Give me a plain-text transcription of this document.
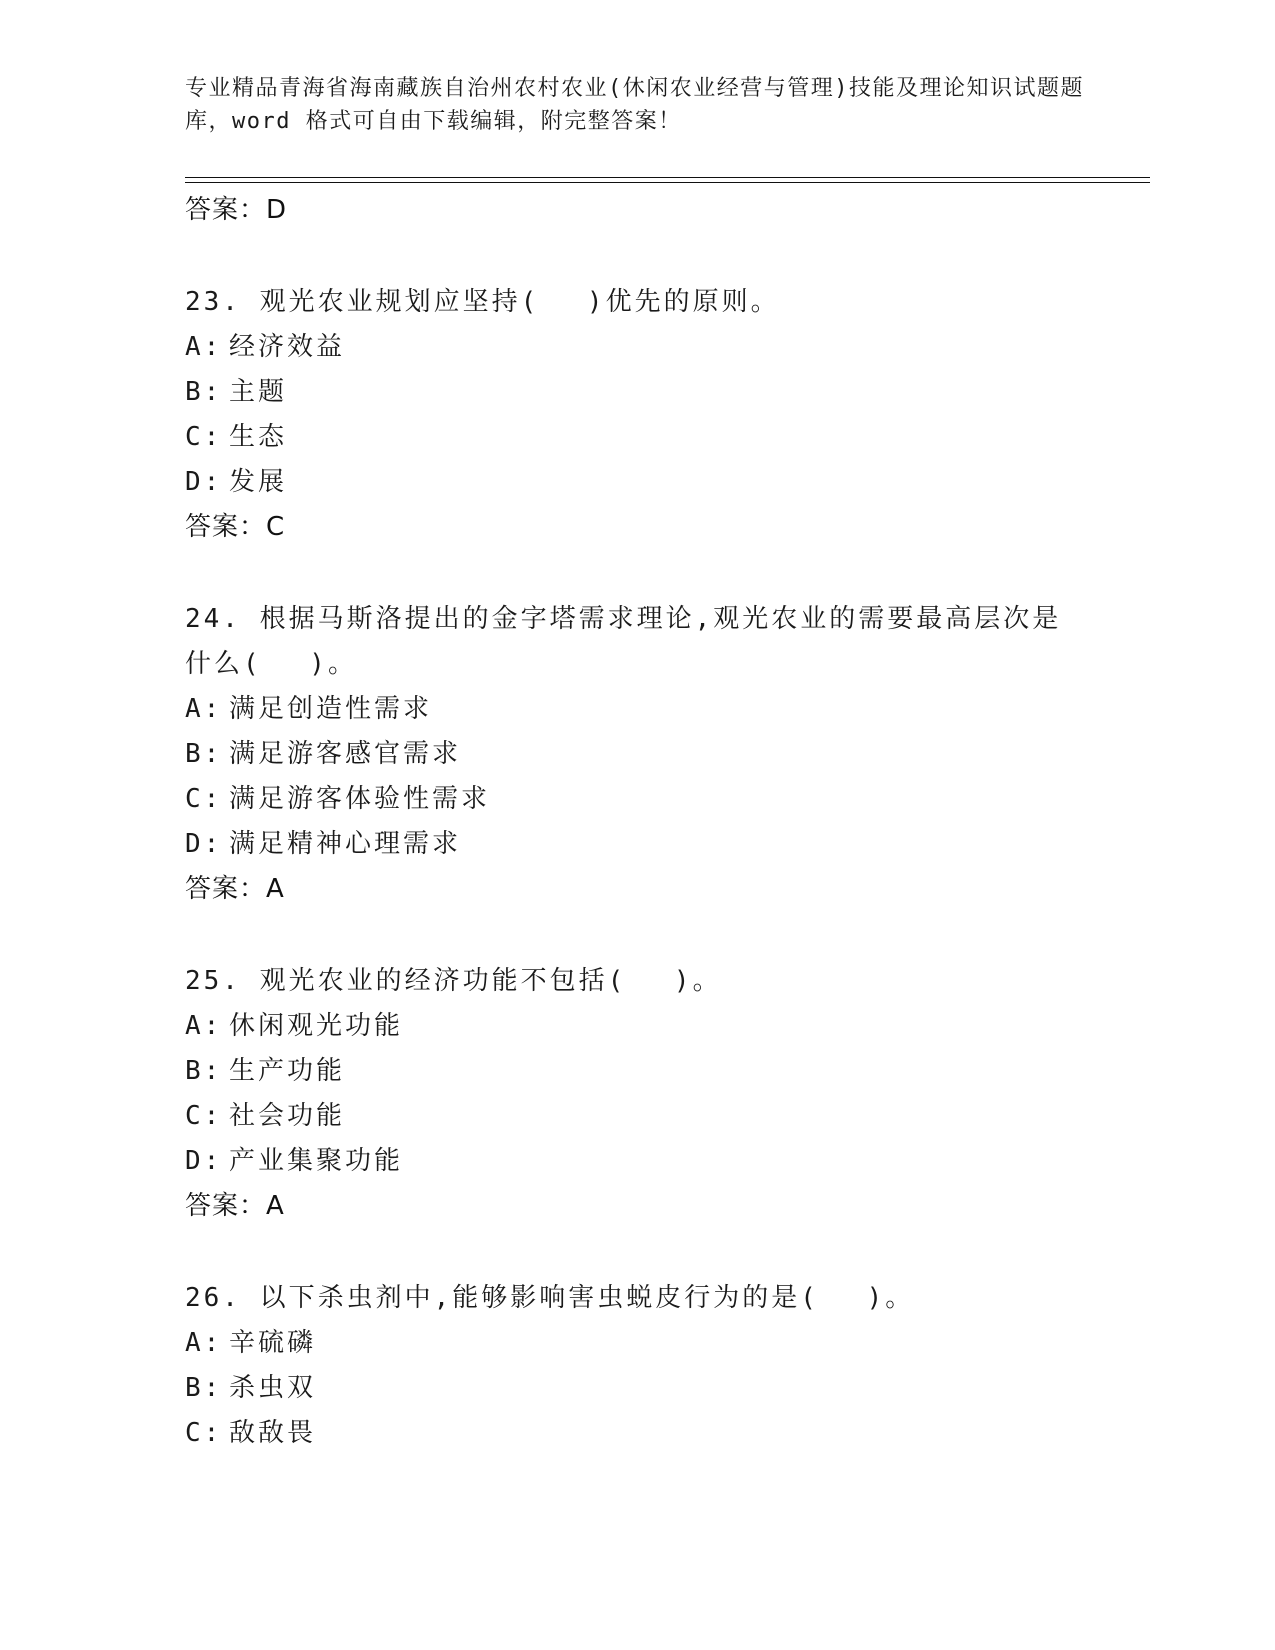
专业精品青海省海南藏族自治州农村农业(休闲农业经营与管理)技能及理论知识试题题库，word 格式可自由下载编辑，附完整答案！
答案：D
23. 观光农业规划应坚持(　 )优先的原则。
A: 经济效益
B: 主题
C: 生态
D: 发展
答案：C
24. 根据马斯洛提出的金字塔需求理论,观光农业的需要最高层次是什么(　 )。
A: 满足创造性需求
B: 满足游客感官需求
C: 满足游客体验性需求
D: 满足精神心理需求
答案：A
25. 观光农业的经济功能不包括(　 )。
A: 休闲观光功能
B: 生产功能
C: 社会功能
D: 产业集聚功能
答案：A
26. 以下杀虫剂中,能够影响害虫蜕皮行为的是(　 )。
A: 辛硫磷
B: 杀虫双
C: 敌敌畏
